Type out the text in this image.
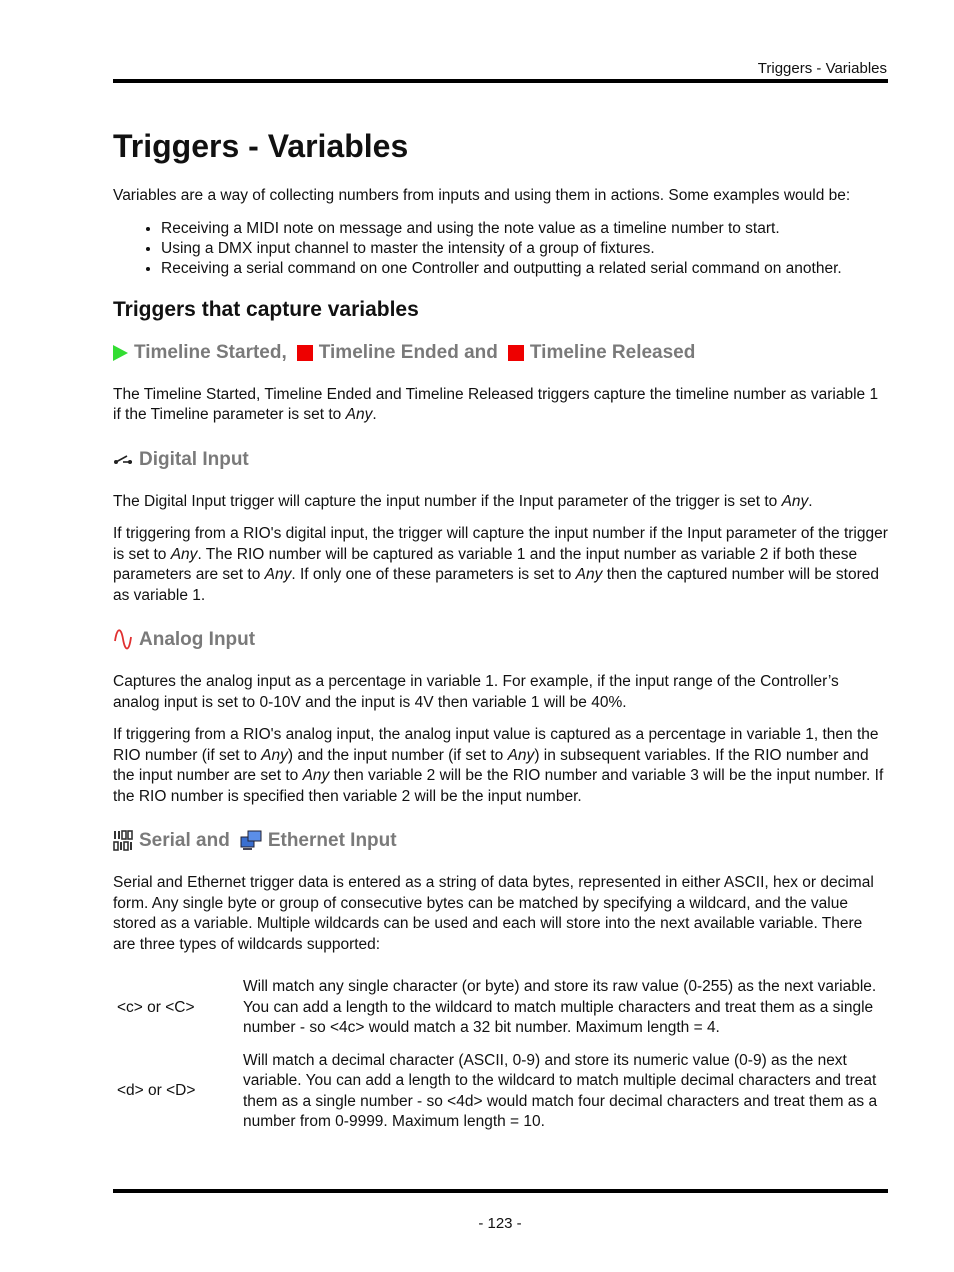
Triggers - Variables
Triggers - Variables

Variables are a way of collecting numbers from inputs and using them in actions. Some examples would be:

• Receiving a MIDI note on message and using the note value as a timeline number to start.
• Using a DMX input channel to master the intensity of a group of fixtures.
• Receiving a serial command on one Controller and outputting a related serial command on another.
Triggers that capture variables
Timeline Started, Timeline Ended and Timeline Released

The Timeline Started, Timeline Ended and Timeline Released triggers capture the timeline number as variable 1 if the Timeline parameter is set to Any.

Digital Input

The Digital Input trigger will capture the input number if the Input parameter of the trigger is set to Any.

If triggering from a RIO's digital input, the trigger will capture the input number if the Input parameter of the trigger is set to Any. The RIO number will be captured as variable 1 and the input number as variable 2 if both these parameters are set to Any. If only one of these parameters is set to Any then the captured number will be stored as variable 1.

Analog Input

Captures the analog input as a percentage in variable 1. For example, if the input range of the Controller’s analog input is set to 0-10V and the input is 4V then variable 1 will be 40%.

If triggering from a RIO's analog input, the analog input value is captured as a percentage in variable 1, then the RIO number (if set to Any) and the input number (if set to Any) in subsequent variables. If the RIO number and the input number are set to Any then variable 2 will be the RIO number and variable 3 will be the input number. If the RIO number is specified then variable 2 will be the input number.

Serial and Ethernet Input

Serial and Ethernet trigger data is entered as a string of data bytes, represented in either ASCII, hex or decimal form. Any single byte or group of consecutive bytes can be matched by specifying a wildcard, and the value stored as a variable. Multiple wildcards can be used and each will store into the next available variable. There are three types of wildcards supported:

<c> or <C>	Will match any single character (or byte) and store its raw value (0-255) as the next variable. You can add a length to the wildcard to match multiple characters and treat them as a single number - so <4c> would match a 32 bit number. Maximum length = 4.
<d> or <D>	Will match a decimal character (ASCII, 0-9) and store its numeric value (0-9) as the next variable. You can add a length to the wildcard to match multiple decimal characters and treat them as a single number - so <4d> would match four decimal characters and treat them as a number from 0-9999. Maximum length = 10.
- 123 -
